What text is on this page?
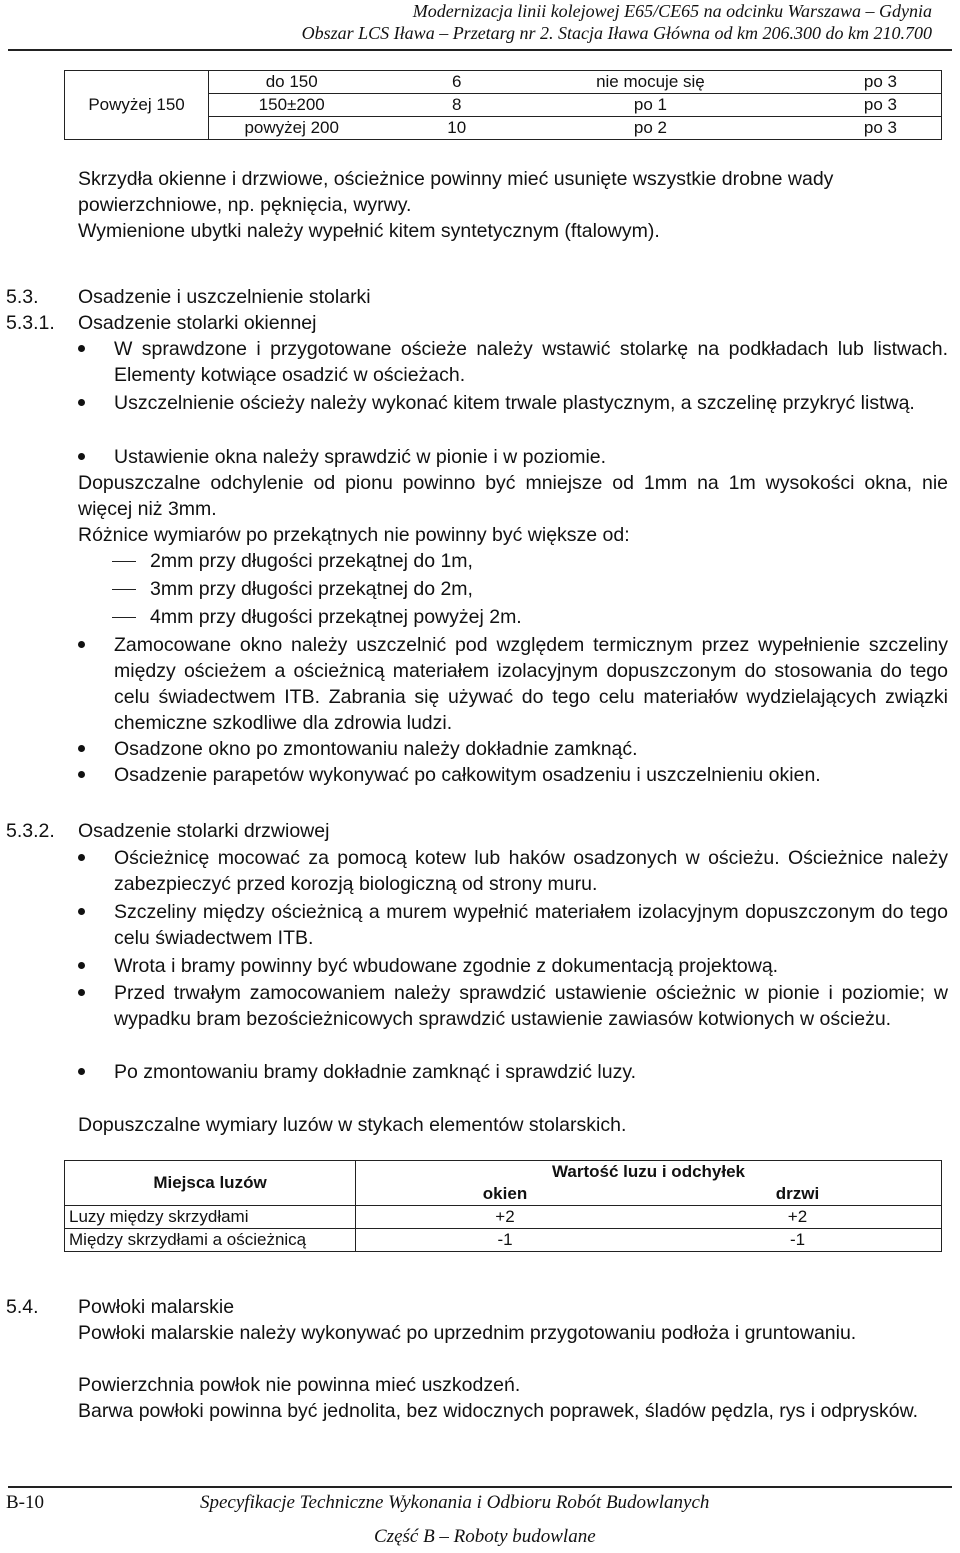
Modernizacja linii kolejowej E65/CE65 na odcinku Warszawa – Gdynia
Obszar LCS Iława – Przetarg nr 2. Stacja Iława Główna od km 206.300 do km 210.700
Powyżej 150	do 150	6	nie mocuje się	po 3
	150±200	8	po 1	po 3
	powyżej 200	10	po 2	po 3
Skrzydła okienne i drzwiowe, ościeżnice powinny mieć usunięte wszystkie drobne wady powierzchniowe, np. pęknięcia, wyrwy.
Wymienione ubytki należy wypełnić kitem syntetycznym (ftalowym).
5.3. Osadzenie i uszczelnienie stolarki
5.3.1. Osadzenie stolarki okiennej
W sprawdzone i przygotowane ościeże należy wstawić stolarkę na podkładach lub listwach. Elementy kotwiące osadzić w ościeżach.
Uszczelnienie ościeży należy wykonać kitem trwale plastycznym, a szczelinę przykryć listwą.
Ustawienie okna należy sprawdzić w pionie i w poziomie.
Dopuszczalne odchylenie od pionu powinno być mniejsze od 1mm na 1m wysokości okna, nie więcej niż 3mm.
Różnice wymiarów po przekątnych nie powinny być większe od:
2mm przy długości przekątnej do 1m,
3mm przy długości przekątnej do 2m,
4mm przy długości przekątnej powyżej 2m.
Zamocowane okno należy uszczelnić pod względem termicznym przez wypełnienie szczeliny między ościeżem a ościeżnicą materiałem izolacyjnym dopuszczonym do stosowania do tego celu świadectwem ITB. Zabrania się używać do tego celu materiałów wydzielających związki chemiczne szkodliwe dla zdrowia ludzi.
Osadzone okno po zmontowaniu należy dokładnie zamknąć.
Osadzenie parapetów wykonywać po całkowitym osadzeniu i uszczelnieniu okien.
5.3.2. Osadzenie stolarki drzwiowej
Ościeżnicę mocować za pomocą kotew lub haków osadzonych w ościeżu. Ościeżnice należy zabezpieczyć przed korozją biologiczną od strony muru.
Szczeliny między ościeżnicą a murem wypełnić materiałem izolacyjnym dopuszczonym do tego celu świadectwem ITB.
Wrota i bramy powinny być wbudowane zgodnie z dokumentacją projektową.
Przed trwałym zamocowaniem należy sprawdzić ustawienie ościeżnic w pionie i poziomie; w wypadku bram bezościeżnicowych sprawdzić ustawienie zawiasów kotwionych w ościeżu.
Po zmontowaniu bramy dokładnie zamknąć i sprawdzić luzy.
Dopuszczalne wymiary luzów w stykach elementów stolarskich.
Miejsca luzów	Wartość luzu i odchyłek	
	okien	drzwi
Luzy między skrzydłami	+2	+2
Między skrzydłami a ościeżnicą	-1	-1
5.4. Powłoki malarskie
Powłoki malarskie należy wykonywać po uprzednim przygotowaniu podłoża i gruntowaniu.
Powierzchnia powłok nie powinna mieć uszkodzeń.
Barwa powłoki powinna być jednolita, bez widocznych poprawek, śladów pędzla, rys i odprysków.
B-10	Specyfikacje Techniczne Wykonania i Odbioru Robót Budowlanych
Część B – Roboty budowlane
